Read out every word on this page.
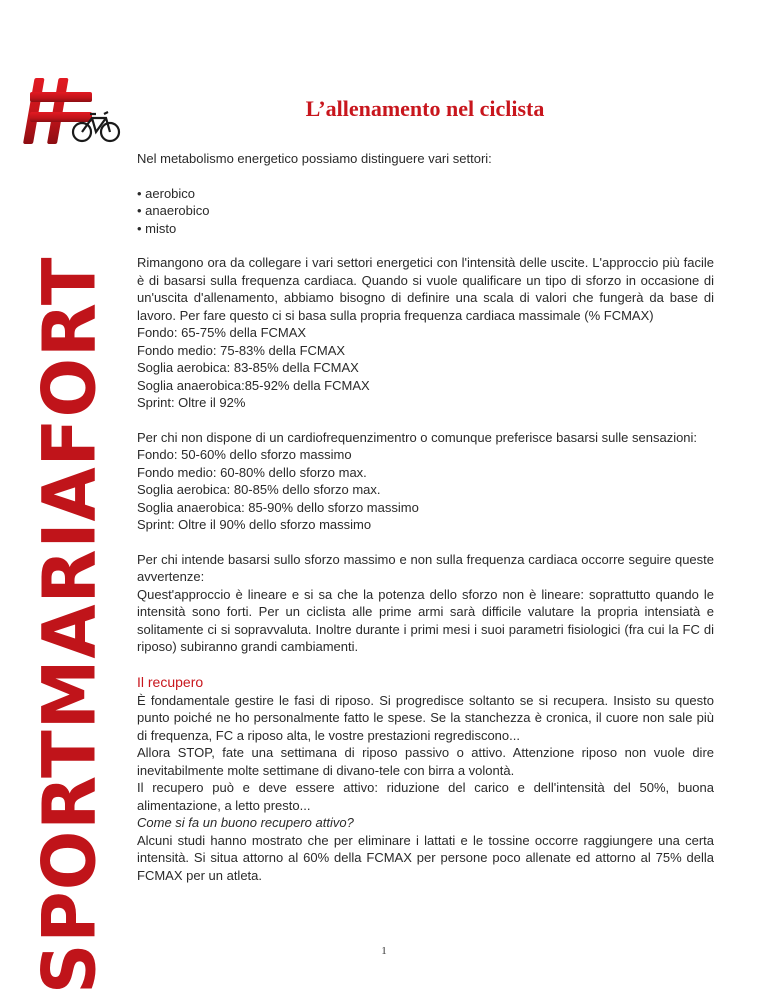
SPORTMARIAFORT
L’allenamento nel ciclista

Nel metabolismo energetico possiamo distinguere vari settori:

• aerobico
• anaerobico
• misto

Rimangono ora da collegare i vari settori energetici con l'intensità delle uscite. L'approccio più facile è di basarsi sulla frequenza cardiaca. Quando si vuole qualificare un tipo di sforzo in occasione di un'uscita d'allenamento, abbiamo bisogno di definire una scala di valori che fungerà da base di lavoro. Per fare questo ci si basa sulla propria frequenza cardiaca massimale (% FCMAX)
Fondo: 65-75% della FCMAX
Fondo medio: 75-83% della FCMAX
Soglia aerobica: 83-85% della FCMAX
Soglia anaerobica:85-92% della FCMAX
Sprint: Oltre il 92%

Per chi non dispone di un cardiofrequenzimentro o comunque preferisce basarsi sulle sensazioni:
Fondo: 50-60% dello sforzo massimo
Fondo medio: 60-80% dello sforzo max.
Soglia aerobica: 80-85% dello sforzo max.
Soglia anaerobica: 85-90% dello sforzo massimo
Sprint: Oltre il 90% dello sforzo massimo

Per chi intende basarsi sullo sforzo massimo e non sulla frequenza cardiaca occorre seguire queste avvertenze:
Quest'approccio è lineare e si sa che la potenza dello sforzo non è lineare: soprattutto quando le intensità sono forti. Per un ciclista alle prime armi sarà difficile valutare la propria intensiatà e solitamente ci si sopravvaluta. Inoltre durante i primi mesi i suoi parametri fisiologici (fra cui la FC di riposo) subiranno grandi cambiamenti.

Il recupero

È fondamentale gestire le fasi di riposo. Si progredisce soltanto se si recupera. Insisto su questo punto poiché ne ho personalmente fatto le spese. Se la stanchezza è cronica, il cuore non sale più di frequenza, FC a riposo alta, le vostre prestazioni regrediscono...
Allora STOP, fate una settimana di riposo passivo o attivo. Attenzione riposo non vuole dire inevitabilmente molte settimane di divano-tele con birra a volontà.
Il recupero può e deve essere attivo: riduzione del carico e dell'intensità del 50%, buona alimentazione, a letto presto...
Come si fa un buono recupero attivo?
Alcuni studi hanno mostrato che per eliminare i lattati e le tossine occorre raggiungere una certa intensità. Si situa attorno al 60% della FCMAX per persone poco allenate ed attorno al 75% della FCMAX per un atleta.

1
